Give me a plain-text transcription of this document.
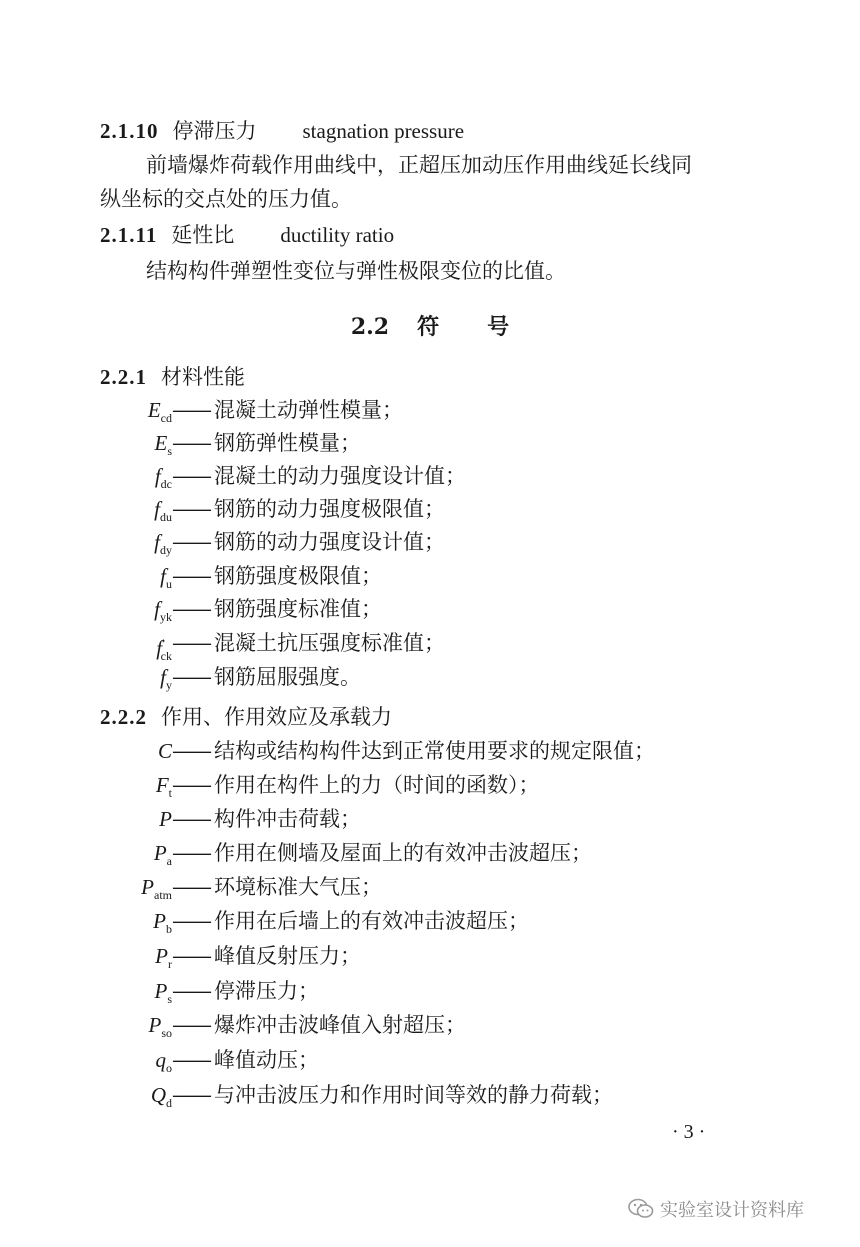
2.1.10 停滞压力 stagnation pressure
前墙爆炸荷载作用曲线中，正超压加动压作用曲线延长线同
纵坐标的交点处的压力值。
2.1.11 延性比 ductility ratio
结构构件弹塑性变位与弹性极限变位的比值。
2.2 符 号
2.2.1 材料性能
$E_{cd}$ —— 混凝土动弹性模量；
$E_s$ —— 钢筋弹性模量；
$f_{dc}$ —— 混凝土的动力强度设计值；
$f_{du}$ —— 钢筋的动力强度极限值；
$f_{dy}$ —— 钢筋的动力强度设计值；
$f_u$ —— 钢筋强度极限值；
$f_{yk}$ —— 钢筋强度标准值；
$f'_{ck}$
—— 混凝土抗压强度标准值；
$f_y$ —— 钢筋屈服强度。
2.2.2 作用、作用效应及承载力
C —— 结构或结构构件达到正常使用要求的规定限值；
$F_t$ —— 作用在构件上的力（时间的函数）；
P —— 构件冲击荷载；
$P_a$ —— 作用在侧墙及屋面上的有效冲击波超压；
$P_{atm}$ —— 环境标准大气压；
$P_b$ —— 作用在后墙上的有效冲击波超压；
$P_r$ —— 峰值反射压力；
$P_s$ —— 停滞压力；
$P_{so}$ —— 爆炸冲击波峰值入射超压；
$q_o$ —— 峰值动压；
$Q_d$ —— 与冲击波压力和作用时间等效的静力荷载；
· 3 ·
实验室设计资料库
